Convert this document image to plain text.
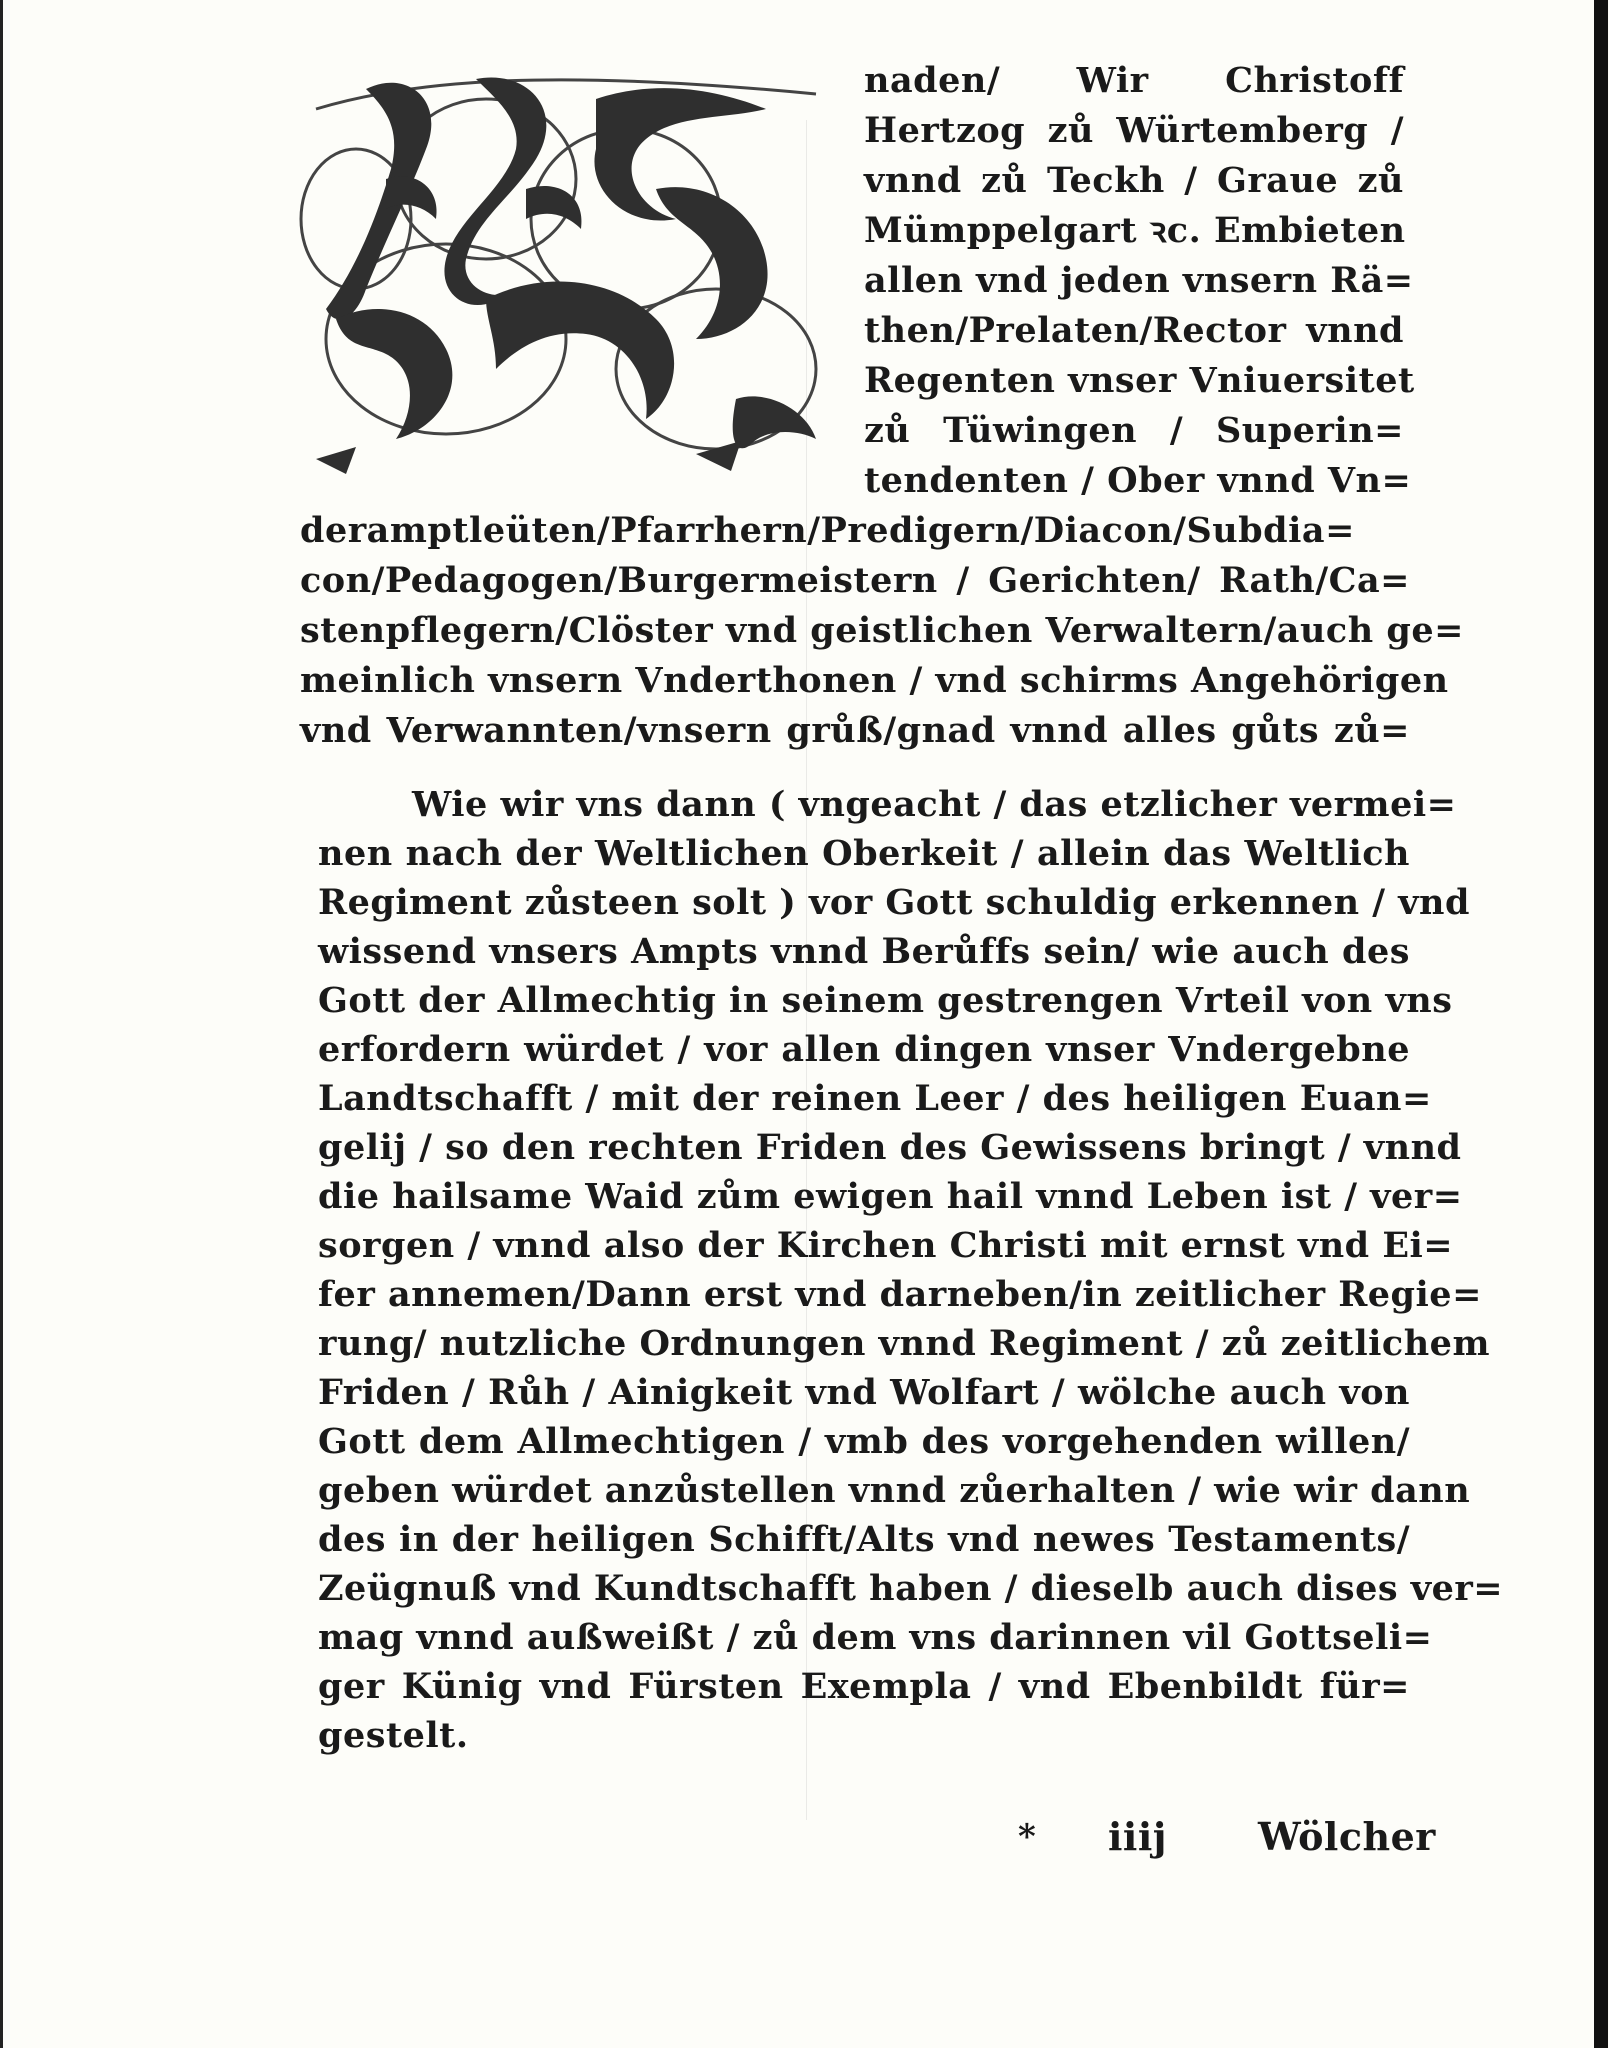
naden/ Wir Christoff
Hertzog zů Würtemberg /
vnnd zů Teckh / Graue zů
Mümppelgart ꝛc. Embieten
allen vnd jeden vnsern Rä=
then/Prelaten/Rector vnnd
Regenten vnser Vniuersitet
zů Tüwingen / Superin=
tendenten / Ober vnnd Vn=
deramptleüten/Pfarrhern/Predigern/Diacon/Subdia=
con/Pedagogen/Burgermeistern / Gerichten/ Rath/Ca=
stenpflegern/Clöster vnd geistlichen Verwaltern/auch ge=
meinlich vnsern Vnderthonen / vnd schirms Angehörigen
vnd Verwannten/vnsern grůß/gnad vnnd alles gůts zů=
Wie wir vns dann ( vngeacht / das etzlicher vermei=
nen nach der Weltlichen Oberkeit / allein das Weltlich
Regiment zůsteen solt ) vor Gott schuldig erkennen / vnd
wissend vnsers Ampts vnnd Berůffs sein/ wie auch des
Gott der Allmechtig in seinem gestrengen Vrteil von vns
erfordern würdet / vor allen dingen vnser Vndergebne
Landtschafft / mit der reinen Leer / des heiligen Euan=
gelij / so den rechten Friden des Gewissens bringt / vnnd
die hailsame Waid zům ewigen hail vnnd Leben ist / ver=
sorgen / vnnd also der Kirchen Christi mit ernst vnd Ei=
fer annemen/Dann erst vnd darneben/in zeitlicher Regie=
rung/ nutzliche Ordnungen vnnd Regiment / zů zeitlichem
Friden / Růh / Ainigkeit vnd Wolfart / wölche auch von
Gott dem Allmechtigen / vmb des vorgehenden willen/
geben würdet anzůstellen vnnd zůerhalten / wie wir dann
des in der heiligen Schifft/Alts vnd newes Testaments/
Zeügnuß vnd Kundtschafft haben / dieselb auch dises ver=
mag vnnd außweißt / zů dem vns darinnen vil Gottseli=
ger Künig vnd Fürsten Exempla / vnd Ebenbildt für=
gestelt.
* iiij Wölcher
